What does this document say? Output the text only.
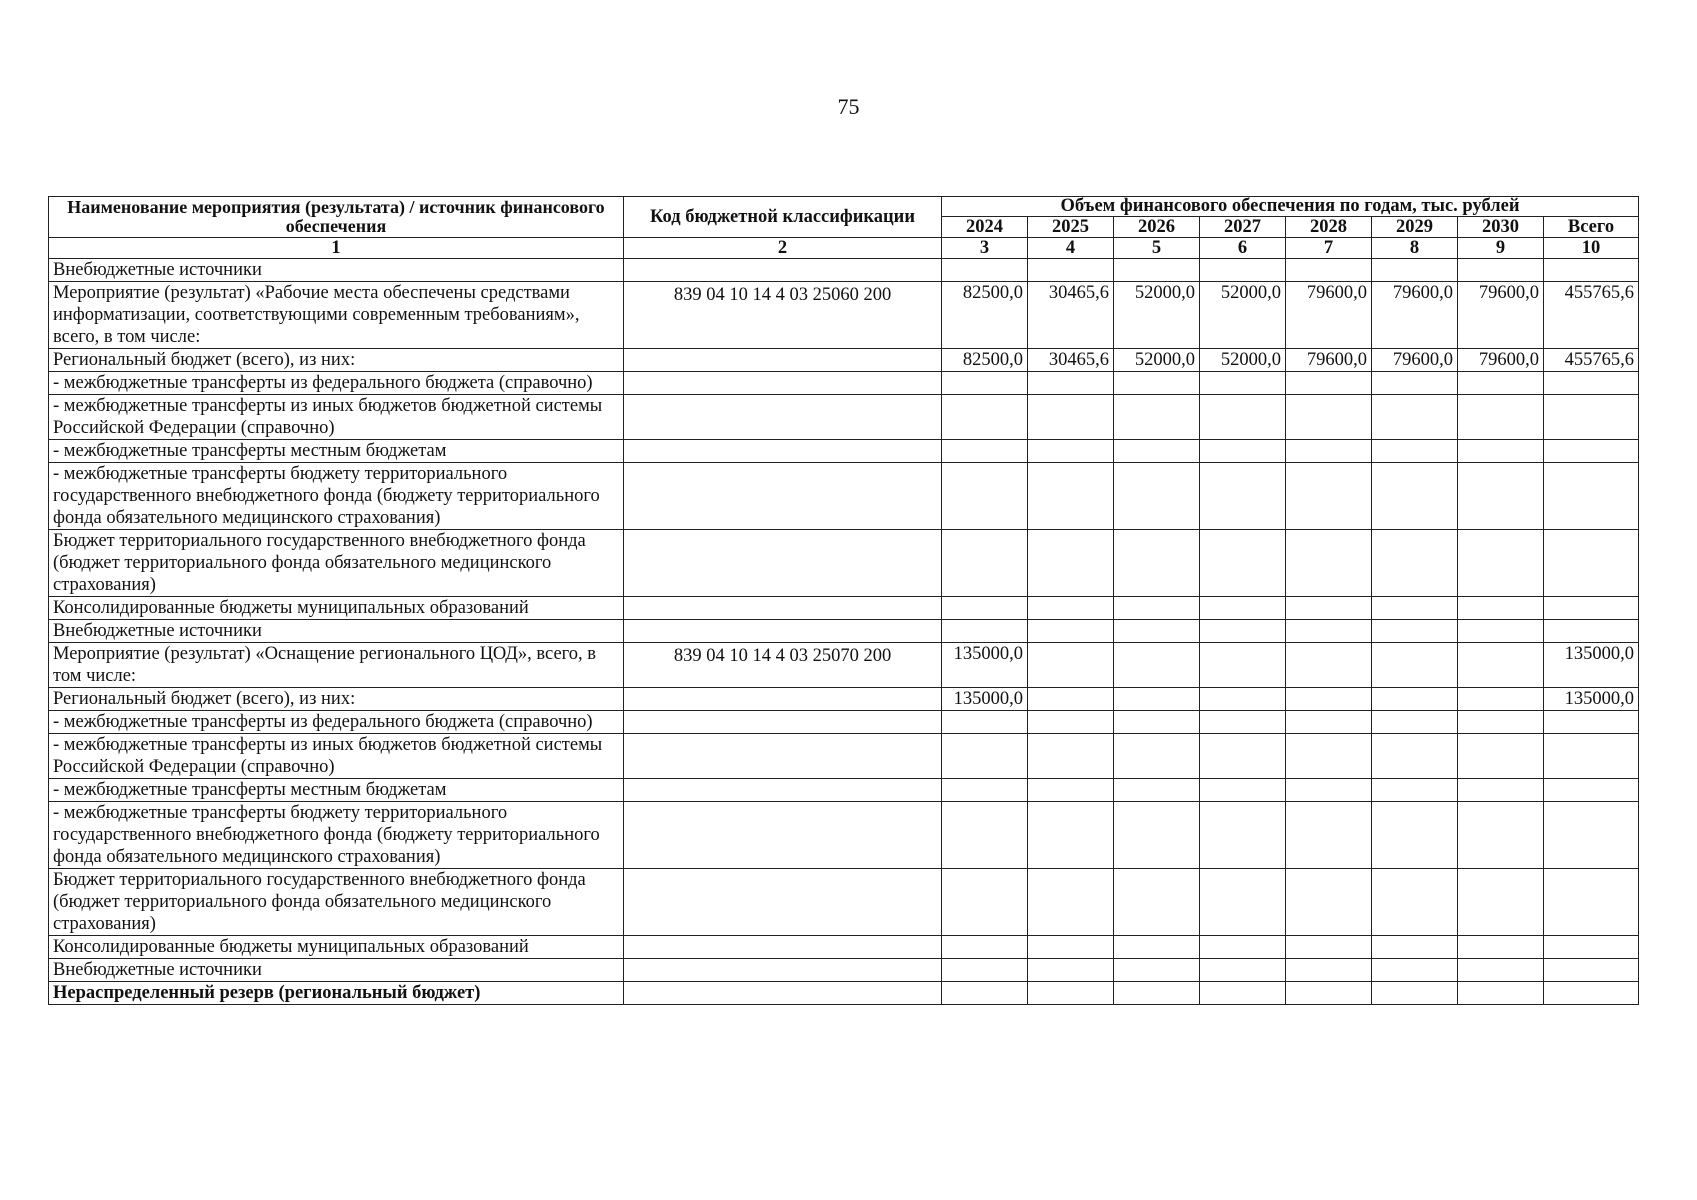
75
Наименование мероприятия (результата) / источник финансового обеспечения	Код бюджетной классификации	Объем финансового обеспечения по годам, тыс. рублей							
		2024	2025	2026	2027	2028	2029	2030	Всего
1	2	3	4	5	6	7	8	9	10
Внебюджетные источники									
Мероприятие (результат) «Рабочие места обеспечены средствами информатизации, соответствующими современным требованиям», всего, в том числе:	839 04 10 14 4 03 25060 200	82500,0	30465,6	52000,0	52000,0	79600,0	79600,0	79600,0	455765,6
Региональный бюджет (всего), из них:		82500,0	30465,6	52000,0	52000,0	79600,0	79600,0	79600,0	455765,6
- межбюджетные трансферты из федерального бюджета (справочно)									
- межбюджетные трансферты из иных бюджетов бюджетной системы Российской Федерации (справочно)									
- межбюджетные трансферты местным бюджетам									
- межбюджетные трансферты бюджету территориального государственного внебюджетного фонда (бюджету территориального фонда обязательного медицинского страхования)									
Бюджет территориального государственного внебюджетного фонда (бюджет территориального фонда обязательного медицинского страхования)									
Консолидированные бюджеты муниципальных образований									
Внебюджетные источники									
Мероприятие (результат) «Оснащение регионального ЦОД», всего, в том числе:	839 04 10 14 4 03 25070 200	135000,0							135000,0
Региональный бюджет (всего), из них:		135000,0							135000,0
- межбюджетные трансферты из федерального бюджета (справочно)									
- межбюджетные трансферты из иных бюджетов бюджетной системы Российской Федерации (справочно)									
- межбюджетные трансферты местным бюджетам									
- межбюджетные трансферты бюджету территориального государственного внебюджетного фонда (бюджету территориального фонда обязательного медицинского страхования)									
Бюджет территориального государственного внебюджетного фонда (бюджет территориального фонда обязательного медицинского страхования)									
Консолидированные бюджеты муниципальных образований									
Внебюджетные источники									
Нераспределенный резерв (региональный бюджет)									
